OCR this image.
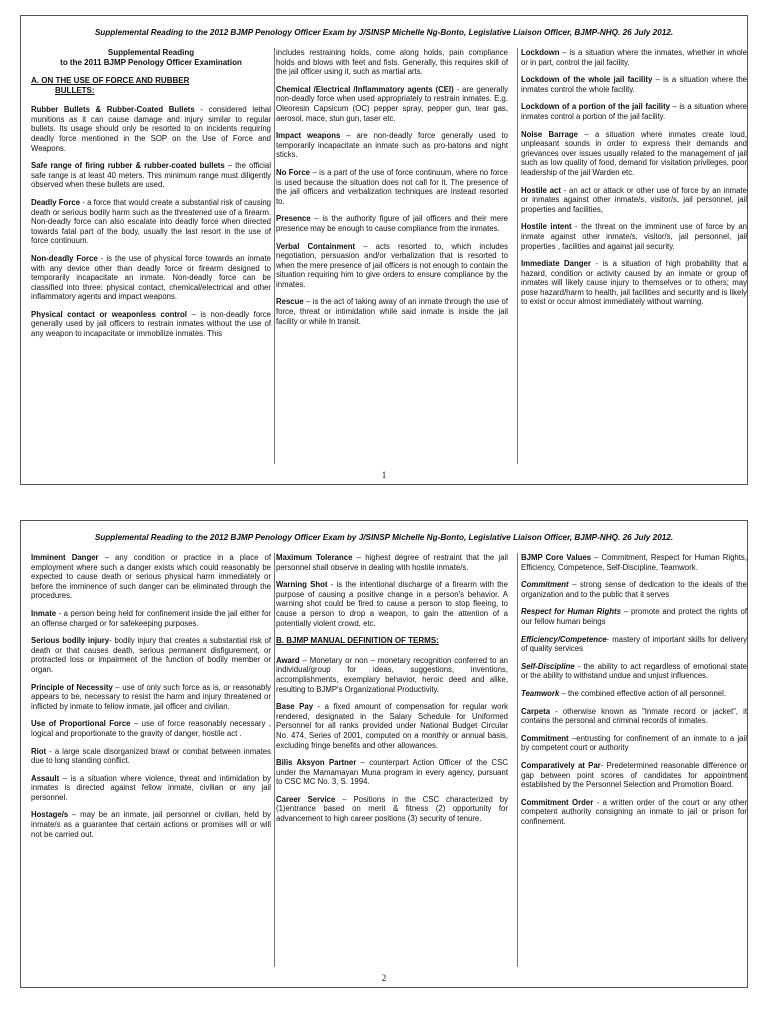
Supplemental Reading to the 2012 BJMP Penology Officer Exam by J/SINSP Michelle Ng-Bonto, Legislative Liaison Officer, BJMP-NHQ. 26 July 2012.
Supplemental Reading
to the 2011 BJMP Penology Officer Examination
A. ON THE USE OF FORCE AND RUBBER
BULLETS:
Rubber Bullets & Rubber-Coated Bullets - considered lethal munitions as it can cause damage and injury similar to regular bullets. Its usage should only be resorted to on incidents requiring deadly force mentioned in the SOP on the Use of Force and Weapons.
Safe range of firing rubber & rubber-coated bullets – the official safe range is at least 40 meters. This minimum range must diligently observed when these bullets are used.
Deadly Force - a force that would create a substantial risk of causing death or serious bodily harm such as the threatened use of a firearm. Non-deadly force can also escalate into deadly force when directed towards fatal part of the body, usually the last resort in the use of force continuum.
Non-deadly Force - is the use of physical force towards an inmate with any device other than deadly force or firearm designed to temporarily incapacitate an inmate. Non-deadly force can be classified into three: physical contact, chemical/electrical and other inflammatory agents and impact weapons.
Physical contact or weaponless control – is non-deadly force generally used by jail officers to restrain inmates without the use of any weapon to incapacitate or immobilize inmates. This
includes restraining holds, come along holds, pain compliance holds and blows with feet and fists. Generally, this requires skill of the jail officer using it, such as martial arts.
Chemical /Electrical /Inflammatory agents (CEI) - are generally non-deadly force when used appropriately to restrain inmates. E.g. Oleoresin Capsicum (OC) pepper spray, pepper gun, tear gas, aerosol, mace, stun gun, taser etc.
Impact weapons – are non-deadly force generally used to temporarily incapacitate an inmate such as pro-batons and night sticks.
No Force – is a part of the use of force continuum, where no force is used because the situation does not call for it. The presence of the jail officers and verbalization techniques are instead resorted to.
Presence – is the authority figure of jail officers and their mere presence may be enough to cause compliance from the inmates.
Verbal Containment – acts resorted to, which includes negotiation, persuasion and/or verbalization that is resorted to when the mere presence of jail officers is not enough to contain the situation requiring him to give orders to ensure compliance by the inmates.
Rescue – is the act of taking away of an inmate through the use of force, threat or intimidation while said inmate is inside the jail facility or while In transit.
Lockdown – is a situation where the inmates, whether in whole or in part, control the jail facility.
Lockdown of the whole jail facility – is a situation where the inmates control the whole facility.
Lockdown of a portion of the jail facility – is a situation where inmates control a portion of the jail facility.
Noise Barrage – a situation where inmates create loud, unpleasant sounds in order to express their demands and grievances over issues usually related to the management of jail such as low quality of food, demand for visitation privileges, poor leadership of the jail Warden etc.
Hostile act - an act or attack or other use of force by an inmate or inmates against other inmate/s, visitor/s, jail personnel, jail properties and facilities,
Hostile intent - the threat on the imminent use of force by an inmate against other inmate/s, visitor/s, jail personnel, jail properties , facilities and against jail security.
Immediate Danger - is a situation of high probability that a hazard, condition or activity caused by an inmate or group of inmates will likely cause injury to themselves or to others; may pose hazard/harm to health, jail facilities and security and is likely to exist or occur almost immediately without warning.
1
Supplemental Reading to the 2012 BJMP Penology Officer Exam by J/SINSP Michelle Ng-Bonto, Legislative Liaison Officer, BJMP-NHQ. 26 July 2012.
Imminent Danger – any condition or practice in a place of employment where such a danger exists which could reasonably be expected to cause death or serious physical harm immediately or before the imminence of such danger can be eliminated through the procedures.
Inmate - a person being held for confinement inside the jail either for an offense charged or for safekeeping purposes.
Serious bodily injury- bodily injury that creates a substantial risk of death or that causes death, serious permanent disfigurement, or protracted loss or impairment of the function of bodily member or organ.
Principle of Necessity – use of only such force as is, or reasonably appears to be, necessary to resist the harm and injury threatened or inflicted by inmate to fellow inmate, jail officer and civilian.
Use of Proportional Force – use of force reasonably necessary , logical and proportionate to the gravity of danger, hostile act .
Riot - a large scale disorganized brawl or combat between inmates due to long standing conflict.
Assault – is a situation where violence, threat and intimidation by inmates is directed against fellow inmate, civilian or any jail personnel.
Hostage/s – may be an inmate, jail personnel or civilian, held by inmate/s as a guarantee that certain actions or promises will or will not be carried out.
Maximum Tolerance – highest degree of restraint that the jail personnel shall observe in dealing with hostile inmate/s.
Warning Shot - is the intentional discharge of a firearm with the purpose of causing a positive change in a person's behavior. A warning shot could be fired to cause a person to stop fleeing, to cause a person to drop a weapon, to gain the attention of a potentially violent crowd, etc.
B. BJMP MANUAL DEFINITION OF TERMS:
Award – Monetary or non – monetary recognition conferred to an individual/group for ideas, suggestions, inventions, accomplishments, exemplary behavior, heroic deed and alike, resulting to BJMP's Organizational Productivity.
Base Pay - a fixed amount of compensation for regular work rendered, designated in the Salary Schedule for Uniformed Personnel for all ranks provided under National Budget Circular No. 474, Series of 2001, computed on a monthly or annual basis, excluding fringe benefits and other allowances.
Bilis Aksyon Partner – counterpart Action Officer of the CSC under the Mamamayan Muna program in every agency, pursuant to CSC MC No. 3, S. 1994.
Career Service – Positions in the CSC characterized by (1)entrance based on merit & fitness (2) opportunity for advancement to high career positions (3) security of tenure.
BJMP Core Values – Commitment, Respect for Human Rights, Efficiency, Competence, Self-Discipline, Teamwork.
Commitment – strong sense of dedication to the ideals of the organization and to the public that it serves
Respect for Human Rights – promote and protect the rights of our fellow human beings
Efficiency/Competence- mastery of important skills for delivery of quality services
Self-Discipline - the ability to act regardless of emotional state or the ability to withstand undue and unjust influences.
Teamwork – the combined effective action of all personnel.
Carpeta - otherwise known as "Inmate record or jacket", it contains the personal and criminal records of inmates.
Commitment –entrusting for confinement of an inmate to a jail by competent court or authority
Comparatively at Par- Predetermined reasonable difference or gap between point scores of candidates for appointment established by the Personnel Selection and Promotion Board.
Commitment Order - a written order of the court or any other competent authority consigning an inmate to jail or prison for confinement.
2
